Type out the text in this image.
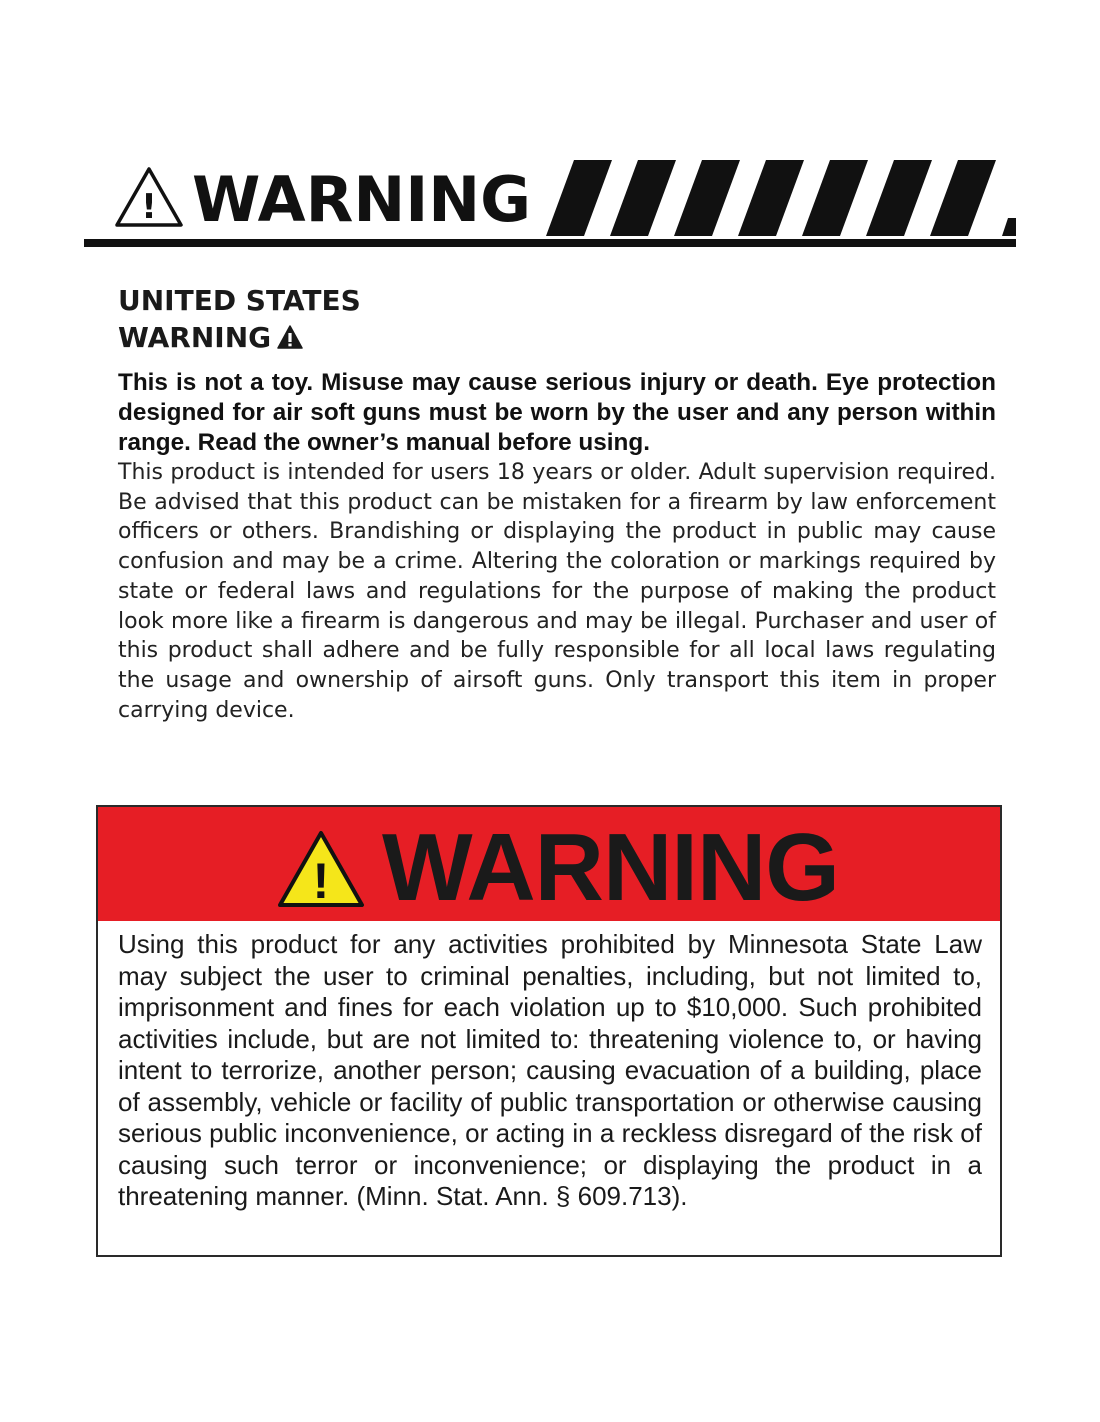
! WARNING

UNITED STATES

WARNING

This is not a toy. Misuse may cause serious injury or death. Eye protection designed for air soft guns must be worn by the user and any person within range. Read the owner’s manual before using.

This product is intended for users 18 years or older. Adult supervision required. Be advised that this product can be mistaken for a firearm by law enforcement officers or others. Brandishing or displaying the product in public may cause confusion and may be a crime. Altering the coloration or markings required by state or federal laws and regulations for the purpose of making the product look more like a firearm is dangerous and may be illegal. Purchaser and user of this product shall adhere and be fully responsible for all local laws regulating the usage and ownership of airsoft guns. Only transport this item in proper carrying device.

! WARNING

Using this product for any activities prohibited by Minnesota State Law may subject the user to criminal penalties, including, but not limited to, imprisonment and fines for each violation up to $10,000. Such prohibited activities include, but are not limited to: threatening violence to, or having intent to terrorize, another person; causing evacuation of a building, place of assembly, vehicle or facility of public transportation or otherwise causing serious public inconvenience, or acting in a reckless disregard of the risk of causing such terror or inconvenience; or displaying the product in a threatening manner. (Minn. Stat. Ann. § 609.713).
